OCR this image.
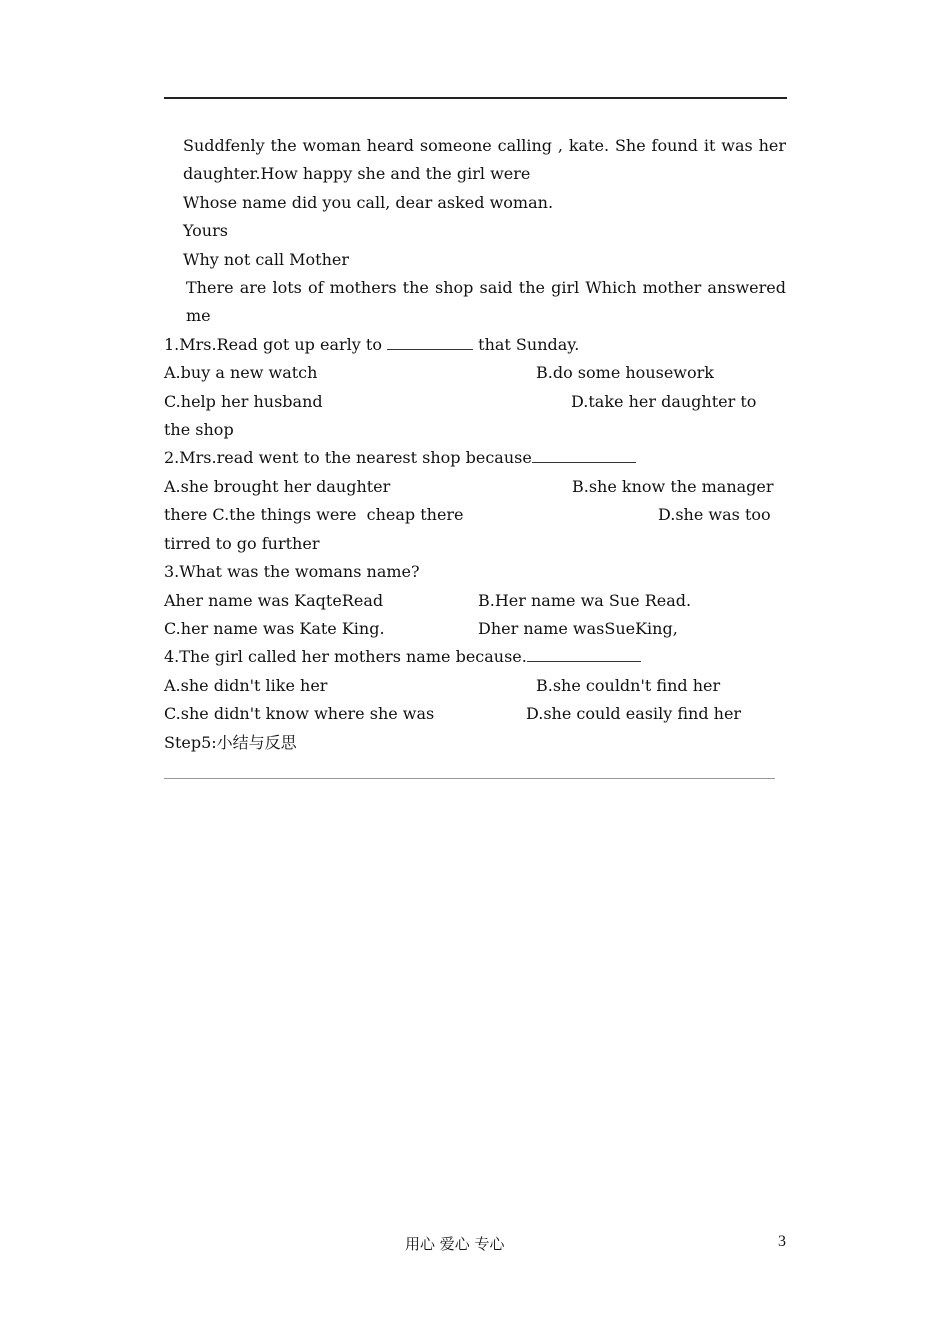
Suddfenly the woman heard someone calling , kate. She found it was her daughter.How happy she and the girl were

Whose name did you call, dear asked woman.

Yours

Why not call Mother

There are lots of mothers the shop said the girl Which mother answered me

1.Mrs.Read got up early to	that Sunday.

A.buy a new watch	B.do some housework
C.help her husband	D.take her daughter to

the shop

2.Mrs.read went to the nearest shop because

A.she brought her daughter	B.she know the manager
there C.the things were  cheap there	D.she was too

tirred to go further

3.What was the womans name?

Aher name was KaqteRead	B.Her name wa Sue Read.
C.her name was Kate King.	Dher name wasSueKing,

4.The girl called her mothers name because.

A.she didn't like her	B.she couldn't find her
C.she didn't know where she was	D.she could easily find her

Step5:小结与反思

用心 爱心 专心	3
